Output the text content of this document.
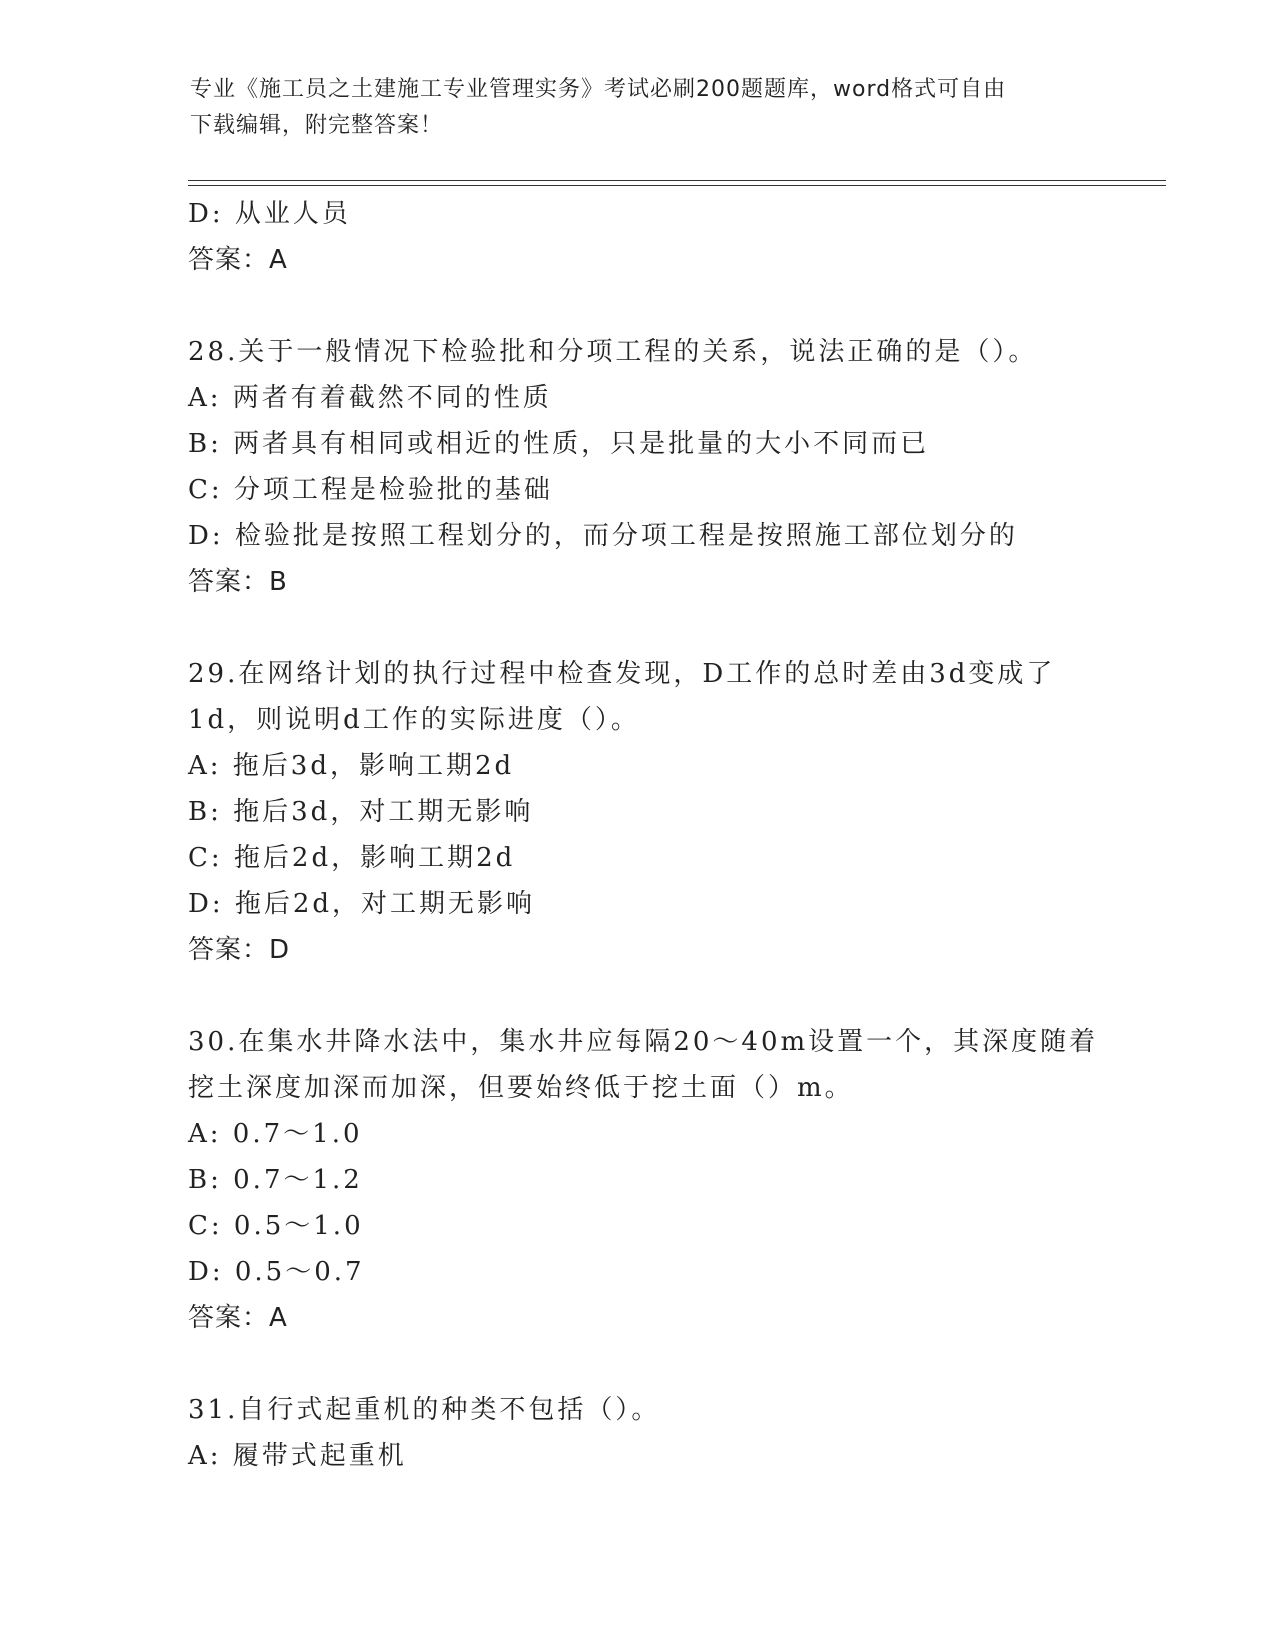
专业《施工员之土建施工专业管理实务》考试必刷200题题库，word格式可自由
下载编辑，附完整答案！
D: 从业人员
答案：A
28.关于一般情况下检验批和分项工程的关系，说法正确的是（）。
A: 两者有着截然不同的性质
B: 两者具有相同或相近的性质，只是批量的大小不同而已
C: 分项工程是检验批的基础
D: 检验批是按照工程划分的，而分项工程是按照施工部位划分的
答案：B
29.在网络计划的执行过程中检查发现，D工作的总时差由3d变成了
1d，则说明d工作的实际进度（）。
A: 拖后3d，影响工期2d
B: 拖后3d，对工期无影响
C: 拖后2d，影响工期2d
D: 拖后2d，对工期无影响
答案：D
30.在集水井降水法中，集水井应每隔20～40m设置一个，其深度随着
挖土深度加深而加深，但要始终低于挖土面（）m。
A: 0.7～1.0
B: 0.7～1.2
C: 0.5～1.0
D: 0.5～0.7
答案：A
31.自行式起重机的种类不包括（）。
A: 履带式起重机
